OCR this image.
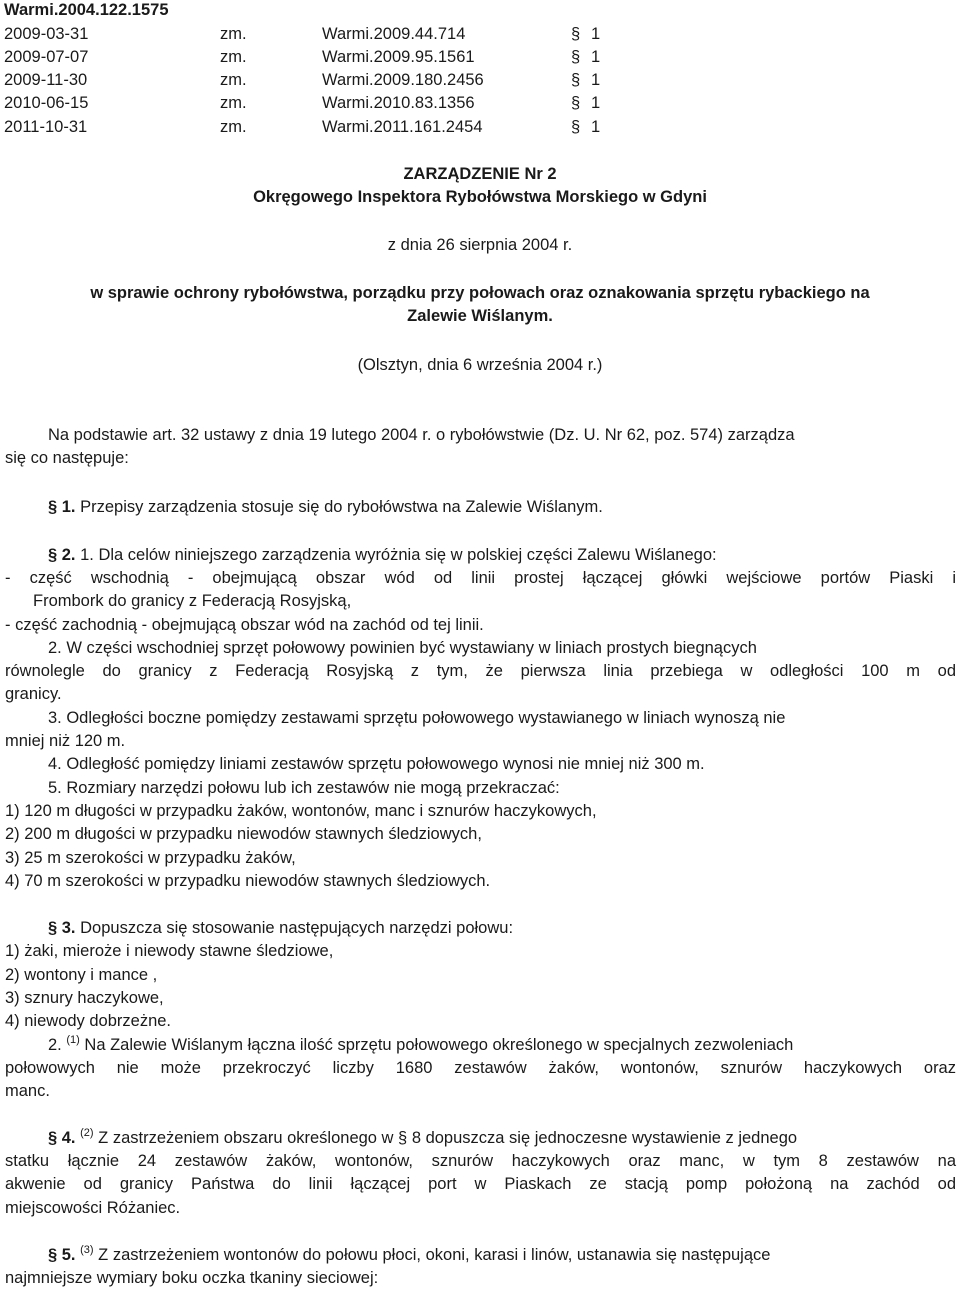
Warmi.2004.122.1575
2009-03-31	zm.	Warmi.2009.44.714	§ 1
2009-07-07	zm.	Warmi.2009.95.1561	§ 1
2009-11-30	zm.	Warmi.2009.180.2456	§ 1
2010-06-15	zm.	Warmi.2010.83.1356	§ 1
2011-10-31	zm.	Warmi.2011.161.2454	§ 1
ZARZĄDZENIE Nr 2
Okręgowego Inspektora Rybołówstwa Morskiego w Gdyni
z dnia 26 sierpnia 2004 r.
w sprawie ochrony rybołówstwa, porządku przy połowach oraz oznakowania sprzętu rybackiego na
Zalewie Wiślanym.
(Olsztyn, dnia 6 września 2004 r.)
Na podstawie art. 32 ustawy z dnia 19 lutego 2004 r. o rybołówstwie (Dz. U. Nr 62, poz. 574) zarządza
się co następuje:
§ 1. Przepisy zarządzenia stosuje się do rybołówstwa na Zalewie Wiślanym.
§ 2. 1. Dla celów niniejszego zarządzenia wyróżnia się w polskiej części Zalewu Wiślanego:
- część wschodnią - obejmującą obszar wód od linii prostej łączącej główki wejściowe portów Piaski i
Frombork do granicy z Federacją Rosyjską,
- część zachodnią - obejmującą obszar wód na zachód od tej linii.
2. W części wschodniej sprzęt połowowy powinien być wystawiany w liniach prostych biegnących
równolegle do granicy z Federacją Rosyjską z tym, że pierwsza linia przebiega w odległości 100 m od
granicy.
3. Odległości boczne pomiędzy zestawami sprzętu połowowego wystawianego w liniach wynoszą nie
mniej niż 120 m.
4. Odległość pomiędzy liniami zestawów sprzętu połowowego wynosi nie mniej niż 300 m.
5. Rozmiary narzędzi połowu lub ich zestawów nie mogą przekraczać:
1) 120 m długości w przypadku żaków, wontonów, manc i sznurów haczykowych,
2) 200 m długości w przypadku niewodów stawnych śledziowych,
3) 25 m szerokości w przypadku żaków,
4) 70 m szerokości w przypadku niewodów stawnych śledziowych.
§ 3. Dopuszcza się stosowanie następujących narzędzi połowu:
1) żaki, mierоże i niewody stawne śledziowe,
2) wontony i mance ,
3) sznury haczykowe,
4) niewody dobrzeżne.
2. $^{(1)}$ Na Zalewie Wiślanym łączna ilość sprzętu połowowego określonego w specjalnych zezwoleniach
połowowych nie może przekroczyć liczby 1680 zestawów żaków, wontonów, sznurów haczykowych oraz
manc.
§ 4. $^{(2)}$ Z zastrzeżeniem obszaru określonego w § 8 dopuszcza się jednoczesne wystawienie z jednego
statku łącznie 24 zestawów żaków, wontonów, sznurów haczykowych oraz manc, w tym 8 zestawów na
akwenie od granicy Państwa do linii łączącej port w Piaskach ze stacją pomp położoną na zachód od
miejscowości Różaniec.
§ 5. $^{(3)}$ Z zastrzeżeniem wontonów do połowu płoci, okoni, karasi i linów, ustanawia się następujące
najmniejsze wymiary boku oczka tkaniny sieciowej:
